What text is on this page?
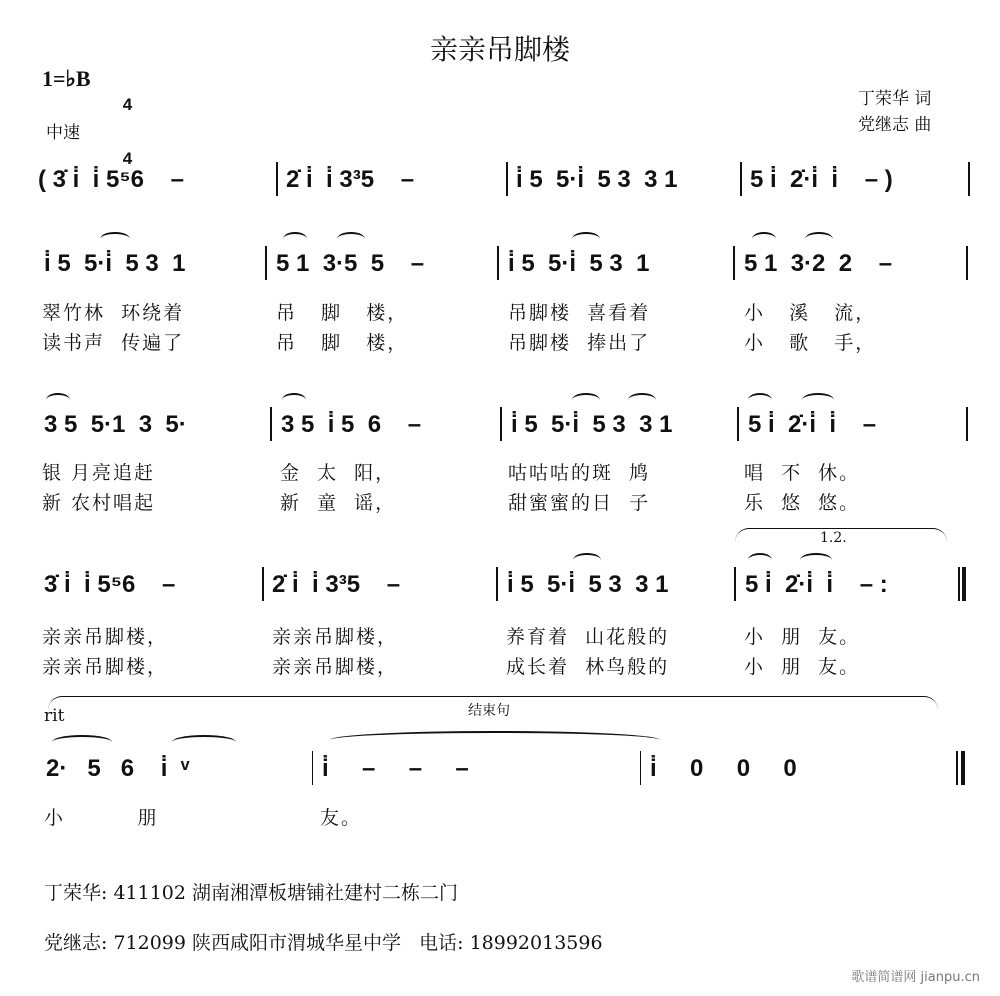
亲亲吊脚楼
1=♭B

4

4

中速
丁荣华 词
党继志 曲
( 3̇ i̇  i̇ 5⁵6    –	2̇ i̇  i̇ 3³5    –	i̇ 5  5·i̇  5 3  3 1	5 i̇  2̇·i̇  i̇    – )
i̇ 5  5·i̇  5 3  1	5 1  3·5  5    –	i̇ 5  5·i̇  5 3  1	5 1  3·2  2    –
翠竹林  环绕着	吊   脚   楼，	吊脚楼  喜看着	小   溪   流，
读书声  传遍了	吊   脚   楼，	吊脚楼  捧出了	小   歌   手，
3 5  5·1  3  5·	3 5  i̇ 5  6    –	i̇ 5  5·i̇  5 3  3 1	5 i̇  2̇·i̇  i̇    –
银 月亮追赶	金  太  阳，	咕咕咕的斑  鸠	唱  不  休。
新 农村唱起	新  童  谣，	甜蜜蜜的日  子	乐  悠  悠。
1.2.
3̇ i̇  i̇ 5⁵6    –	2̇ i̇  i̇ 3³5    –	i̇ 5  5·i̇  5 3  3 1	5 i̇  2̇·i̇  i̇    – :
亲亲吊脚楼，	亲亲吊脚楼，	养育着  山花般的	小  朋  友。
亲亲吊脚楼，	亲亲吊脚楼，	成长着  林鸟般的	小  朋  友。
rit	结束句
2·   5   6    i̇  ᵛ	i̇     –     –     –	i̇     0     0     0
小         朋	友。
丁荣华: 411102 湖南湘潭板塘铺社建村二栋二门
党继志: 712099 陕西咸阳市渭城华星中学   电话: 18992013596
歌谱简谱网 jianpu.cn
